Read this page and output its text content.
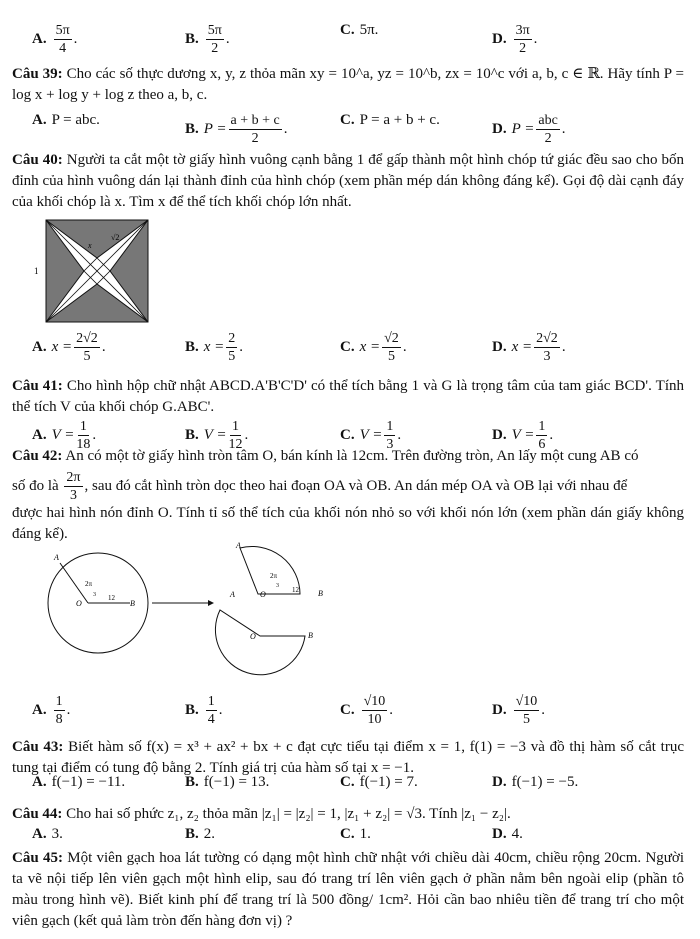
A. $\frac{5\pi}{4}$ .	B. $\frac{5\pi}{2}$ .
C. 5π.
D. $\frac{3\pi}{2}$ .
Câu 39: Cho các số thực dương x, y, z thỏa mãn xy = 10^a, yz = 10^b, zx = 10^c với a, b, c ∈ ℝ. Hãy tính P = log x + log y + log z theo a, b, c.
A. P = abc.
B. $P = \frac{a + b + c}{2}$ .
C. P = a + b + c.
D. $P = \frac{\text{abc}}{2}$ .
Câu 40: Người ta cắt một tờ giấy hình vuông cạnh bằng 1 để gấp thành một hình chóp tứ giác đều sao cho bốn đỉnh của hình vuông dán lại thành đỉnh của hình chóp (xem phần mép dán không đáng kể). Gọi độ dài cạnh đáy của khối chóp là x. Tìm x để thể tích khối chóp lớn nhất.
1
x
√2
A. $x = \frac{2√2}{5}$ .	B. $x = \frac{2}{5}$ .	C. $x = \frac{√2}{5}$ .	D. $x = \frac{2√2}{3}$ .
Câu 41: Cho hình hộp chữ nhật ABCD.A'B'C'D' có thể tích bằng 1 và G là trọng tâm của tam giác BCD'. Tính thể tích V của khối chóp G.ABC'.
A. $V = \frac{1}{18}$ .	B. $V = \frac{1}{12}$ .	C. $V = \frac{1}{3}$ .	D. $V = \frac{1}{6}$ .
Câu 42: An có một tờ giấy hình tròn tâm O, bán kính là 12cm. Trên đường tròn, An lấy một cung AB có
số đo là $\frac{2\pi}{3}$ , sau đó cắt hình tròn dọc theo hai đoạn OA và OB. An dán mép OA và OB lại với nhau để
được hai hình nón đỉnh O. Tính tỉ số thể tích của khối nón nhỏ so với khối nón lớn (xem phần dán giấy không đáng kể).
A
O	B
2π
3 12
A
O	B
2π
3 12
A
O	B
A. $\frac{1}{8}$ .	B. $\frac{1}{4}$ .	C. $\frac{√10}{10}$ .	D. $\frac{√10}{5}$ .
Câu 43: Biết hàm số f(x) = x³ + ax² + bx + c đạt cực tiểu tại điểm x = 1, f(1) = −3 và đồ thị hàm số cắt trục tung tại điểm có tung độ bằng 2. Tính giá trị của hàm số tại x = −1.
A. f(−1) = −11.	B. f(−1) = 13.	C. f(−1) = 7.	D. f(−1) = −5.
Câu 44: Cho hai số phức z₁, z₂ thỏa mãn |z₁| = |z₂| = 1, |z₁ + z₂| = √3. Tính |z₁ − z₂|.
A. 3.	B. 2.	C. 1.	D. 4.
Câu 45: Một viên gạch hoa lát tường có dạng một hình chữ nhật với chiều dài 40cm, chiều rộng 20cm. Người ta vẽ nội tiếp lên viên gạch một hình elip, sau đó trang trí lên viên gạch ở phần nằm bên ngoài elip (phần tô màu trong hình vẽ). Biết kinh phí để trang trí là 500 đồng/ 1cm². Hỏi cần bao nhiêu tiền để trang trí cho một viên gạch (kết quả làm tròn đến hàng đơn vị) ?
